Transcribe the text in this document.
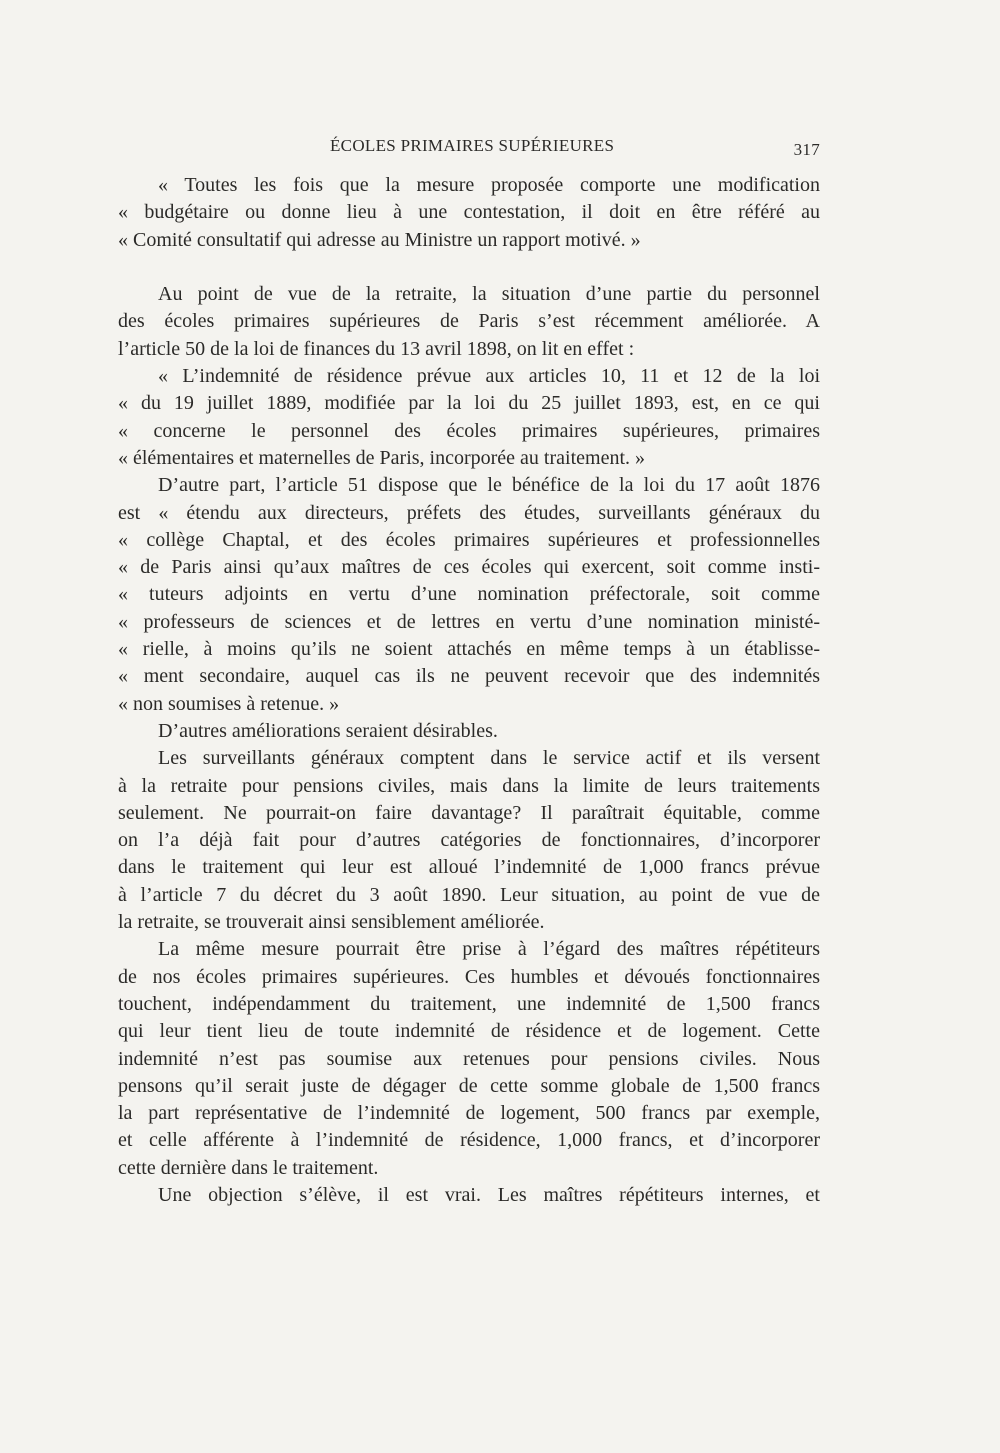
ÉCOLES PRIMAIRES SUPÉRIEURES	317
« Toutes les fois que la mesure proposée comporte une modification
« budgétaire ou donne lieu à une contestation, il doit en être référé au
« Comité consultatif qui adresse au Ministre un rapport motivé. »
Au point de vue de la retraite, la situation d’une partie du personnel
des écoles primaires supérieures de Paris s’est récemment améliorée. A
l’article 50 de la loi de finances du 13 avril 1898, on lit en effet :
« L’indemnité de résidence prévue aux articles 10, 11 et 12 de la loi
« du 19 juillet 1889, modifiée par la loi du 25 juillet 1893, est, en ce qui
« concerne le personnel des écoles primaires supérieures, primaires
« élémentaires et maternelles de Paris, incorporée au traitement. »
D’autre part, l’article 51 dispose que le bénéfice de la loi du 17 août 1876
est « étendu aux directeurs, préfets des études, surveillants généraux du
« collège Chaptal, et des écoles primaires supérieures et professionnelles
« de Paris ainsi qu’aux maîtres de ces écoles qui exercent, soit comme insti-
« tuteurs adjoints en vertu d’une nomination préfectorale, soit comme
« professeurs de sciences et de lettres en vertu d’une nomination ministé-
« rielle, à moins qu’ils ne soient attachés en même temps à un établisse-
« ment secondaire, auquel cas ils ne peuvent recevoir que des indemnités
« non soumises à retenue. »
D’autres améliorations seraient désirables.
Les surveillants généraux comptent dans le service actif et ils versent
à la retraite pour pensions civiles, mais dans la limite de leurs traitements
seulement. Ne pourrait-on faire davantage? Il paraîtrait équitable, comme
on l’a déjà fait pour d’autres catégories de fonctionnaires, d’incorporer
dans le traitement qui leur est alloué l’indemnité de 1,000 francs prévue
à l’article 7 du décret du 3 août 1890. Leur situation, au point de vue de
la retraite, se trouverait ainsi sensiblement améliorée.
La même mesure pourrait être prise à l’égard des maîtres répétiteurs
de nos écoles primaires supérieures. Ces humbles et dévoués fonctionnaires
touchent, indépendamment du traitement, une indemnité de 1,500 francs
qui leur tient lieu de toute indemnité de résidence et de logement. Cette
indemnité n’est pas soumise aux retenues pour pensions civiles. Nous
pensons qu’il serait juste de dégager de cette somme globale de 1,500 francs
la part représentative de l’indemnité de logement, 500 francs par exemple,
et celle afférente à l’indemnité de résidence, 1,000 francs, et d’incorporer
cette dernière dans le traitement.
Une objection s’élève, il est vrai. Les maîtres répétiteurs internes, et
